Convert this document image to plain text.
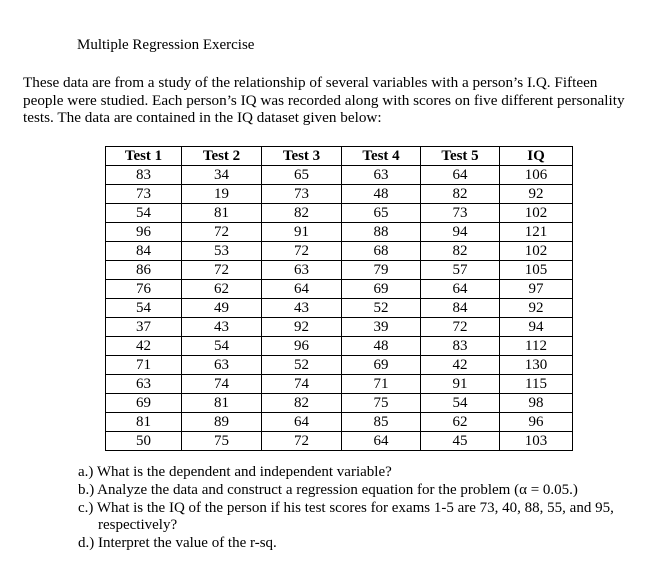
Multiple Regression Exercise
These data are from a study of the relationship of several variables with a person’s I.Q. Fifteen
people were studied. Each person’s IQ was recorded along with scores on five different personality
tests. The data are contained in the IQ dataset given below:
Test 1	Test 2	Test 3	Test 4	Test 5	IQ
83	34	65	63	64	106
73	19	73	48	82	92
54	81	82	65	73	102
96	72	91	88	94	121
84	53	72	68	82	102
86	72	63	79	57	105
76	62	64	69	64	97
54	49	43	52	84	92
37	43	92	39	72	94
42	54	96	48	83	112
71	63	52	69	42	130
63	74	74	71	91	115
69	81	82	75	54	98
81	89	64	85	62	96
50	75	72	64	45	103
a.) What is the dependent and independent variable?
b.) Analyze the data and construct a regression equation for the problem (α = 0.05.)
c.) What is the IQ of the person if his test scores for exams 1-5 are 73, 40, 88, 55, and 95,
respectively?
d.) Interpret the value of the r-sq.
